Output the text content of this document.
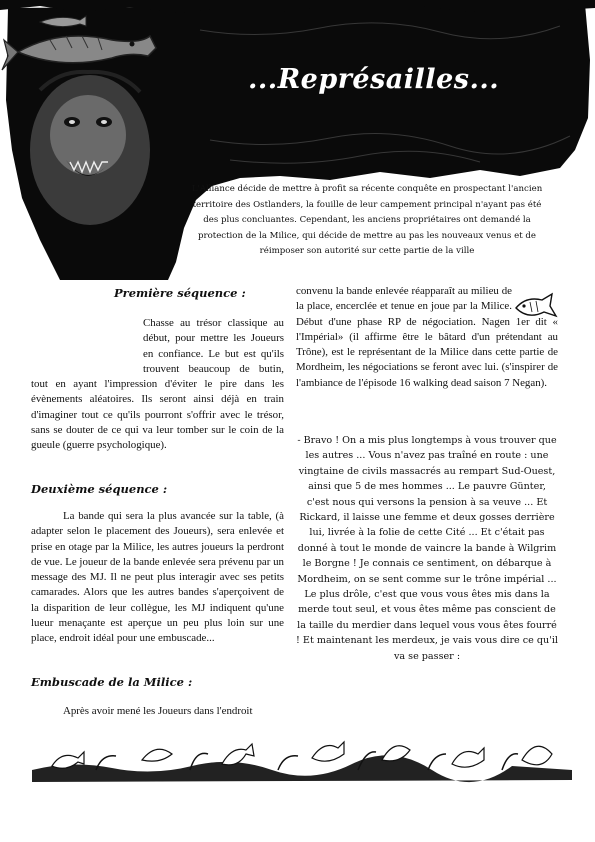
...Représailles...
L'Alliance décide de mettre à profit sa récente conquête en prospectant l'ancien territoire des Ostlanders, la fouille de leur campement principal n'ayant pas été des plus concluantes. Cependant, les anciens propriétaires ont demandé la protection de la Milice, qui décide de mettre au pas les nouveaux venus et de réimposer son autorité sur cette partie de la ville
Première séquence :

Chasse au trésor classique au début, pour mettre les Joueurs en confiance. Le but est qu'ils trouvent beaucoup de butin, tout en ayant l'impression d'éviter le pire dans les évènements aléatoires. Ils seront ainsi déjà en train d'imaginer tout ce qu'ils pourront s'offrir avec le trésor, sans se douter de ce qui va leur tomber sur le coin de la gueule (guerre psychologique).

Deuxième séquence :

La bande qui sera la plus avancée sur la table, (à adapter selon le placement des Joueurs), sera enlevée et prise en otage par la Milice, les autres joueurs la perdront de vue. Le joueur de la bande enlevée sera prévenu par un message des MJ. Il ne peut plus interagir avec ses petits camarades. Alors que les autres bandes s'aperçoivent de la disparition de leur collègue, les MJ indiquent qu'une lueur menaçante est aperçue un peu plus loin sur une place, endroit idéal pour une embuscade...

Embuscade de la Milice :

Après avoir mené les Joueurs dans l'endroit

convenu la bande enlevée réapparaît au milieu de la place, encerclée et tenue en joue par la Milice. Début d'une phase RP de négociation. Nagen 1er dit « l'Impérial» (il affirme être le bâtard d'un prétendant au Trône), est le représentant de la Milice dans cette partie de Mordheim, les négociations se feront avec lui. (s'inspirer de l'ambiance de l'épisode 16 walking dead saison 7 Negan).

- Bravo ! On a mis plus longtemps à vous trouver que les autres ... Vous n'avez pas traîné en route : une vingtaine de civils massacrés au rempart Sud-Ouest, ainsi que 5 de mes hommes ... Le pauvre Günter, c'est nous qui versons la pension à sa veuve ... Et Rickard, il laisse une femme et deux gosses derrière lui, livrée à la folie de cette Cité ... Et c'était pas donné à tout le monde de vaincre la bande à Wilgrim le Borgne ! Je connais ce sentiment, on débarque à Mordheim, on se sent comme sur le trône impérial ... Le plus drôle, c'est que vous vous êtes mis dans la merde tout seul, et vous êtes même pas conscient de la taille du merdier dans lequel vous vous êtes fourré ! Et maintenant les merdeux, je vais vous dire ce qu'il va se passer :
